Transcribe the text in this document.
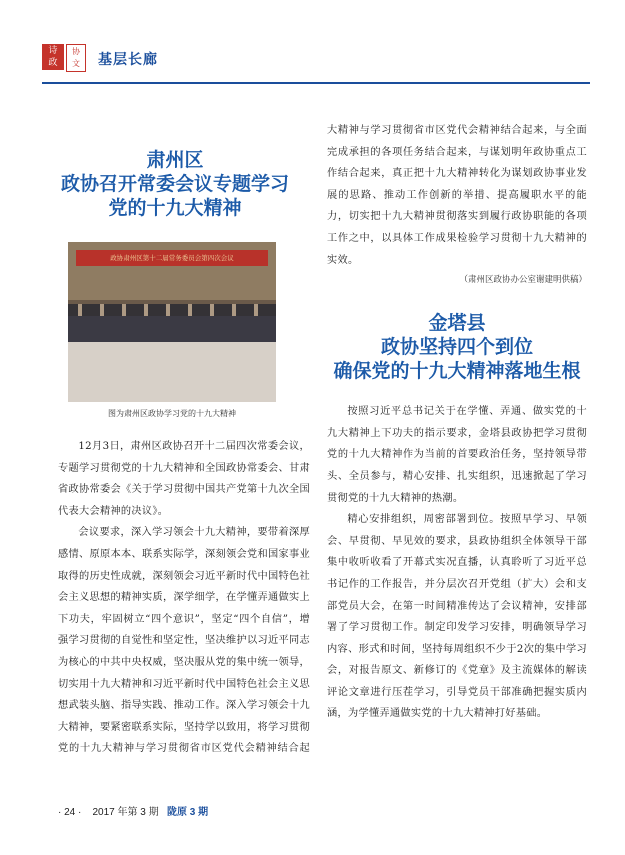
诗
政
协
文	基层长廊
肃州区
政协召开常委会议专题学习
党的十九大精神
政协肃州区第十二届常务委员会第四次会议
图为肃州区政协学习党的十九大精神

12月3日，肃州区政协召开十二届四次常委会议，专题学习贯彻党的十九大精神和全国政协常委会、甘肃省政协常委会《关于学习贯彻中国共产党第十九次全国代表大会精神的决议》。

会议要求，深入学习领会十九大精神，要带着深厚感情、原原本本、联系实际学，深刻领会党和国家事业取得的历史性成就，深刻领会习近平新时代中国特色社会主义思想的精神实质，深学细学，在学懂弄通做实上下功夫，牢固树立“四个意识”，坚定“四个自信”，增强学习贯彻的自觉性和坚定性，坚决维护以习近平同志为核心的中共中央权威，坚决服从党的集中统一领导，切实用十九大精神和习近平新时代中国特色社会主义思想武装头脑、指导实践、推动工作。深入学习领会十九大精神，要紧密联系实际，坚持学以致用，将学习贯彻党的十九大精神与学习贯彻省市区党代会精神结合起

大精神与学习贯彻省市区党代会精神结合起来，与全面完成承担的各项任务结合起来，与谋划明年政协重点工作结合起来，真正把十九大精神转化为谋划政协事业发展的思路、推动工作创新的举措、提高履职水平的能力，切实把十九大精神贯彻落实到履行政协职能的各项工作之中，以具体工作成果检验学习贯彻十九大精神的实效。

（肃州区政协办公室谢建明供稿）

金塔县
政协坚持四个到位
确保党的十九大精神落地生根

按照习近平总书记关于在学懂、弄通、做实党的十九大精神上下功夫的指示要求，金塔县政协把学习贯彻党的十九大精神作为当前的首要政治任务，坚持领导带头、全员参与，精心安排、扎实组织，迅速掀起了学习贯彻党的十九大精神的热潮。

精心安排组织，周密部署到位。按照早学习、早领会、早贯彻、早见效的要求，县政协组织全体领导干部集中收听收看了开幕式实况直播，认真聆听了习近平总书记作的工作报告，并分层次召开党组（扩大）会和支部党员大会，在第一时间精准传达了会议精神，安排部署了学习贯彻工作。制定印发学习安排，明确领导学习内容、形式和时间，坚持每周组织不少于2次的集中学习会，对报告原文、新修订的《党章》及主流媒体的解读评论文章进行压茬学习，引导党员干部准确把握实质内涵，为学懂弄通做实党的十九大精神打好基础。

· 24 · 2017 年第 3 期 陇原 3 期
